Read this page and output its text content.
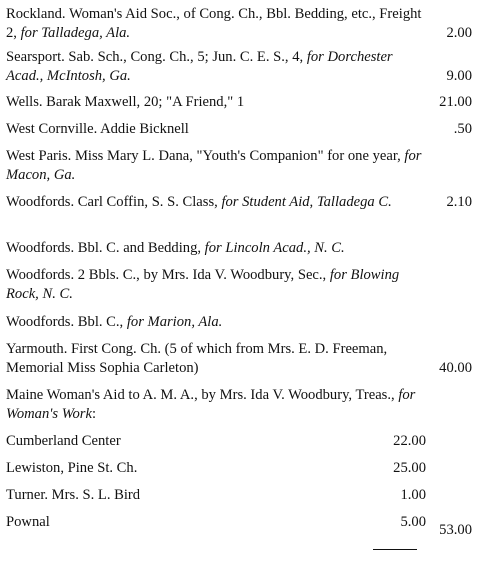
Rockland. Woman's Aid Soc., of Cong. Ch., Bbl. Bedding, etc., Freight 2, for Talladega, Ala.	2.00
Searsport. Sab. Sch., Cong. Ch., 5; Jun. C. E. S., 4, for Dorchester Acad., McIntosh, Ga.	9.00
Wells. Barak Maxwell, 20; "A Friend," 1	21.00
West Cornville. Addie Bicknell	.50
West Paris. Miss Mary L. Dana, "Youth's Companion" for one year, for Macon, Ga.
Woodfords. Carl Coffin, S. S. Class, for Student Aid, Talladega C.	2.10
Woodfords. Bbl. C. and Bedding, for Lincoln Acad., N. C.
Woodfords. 2 Bbls. C., by Mrs. Ida V. Woodbury, Sec., for Blowing Rock, N. C.
Woodfords. Bbl. C., for Marion, Ala.
Yarmouth. First Cong. Ch. (5 of which from Mrs. E. D. Freeman, Memorial Miss Sophia Carleton)	40.00
Maine Woman's Aid to A. M. A., by Mrs. Ida V. Woodbury, Treas., for Woman's Work:
Cumberland Center	22.00
Lewiston, Pine St. Ch.	25.00
Turner. Mrs. S. L. Bird	1.00
Pownal	5.00 53.00
